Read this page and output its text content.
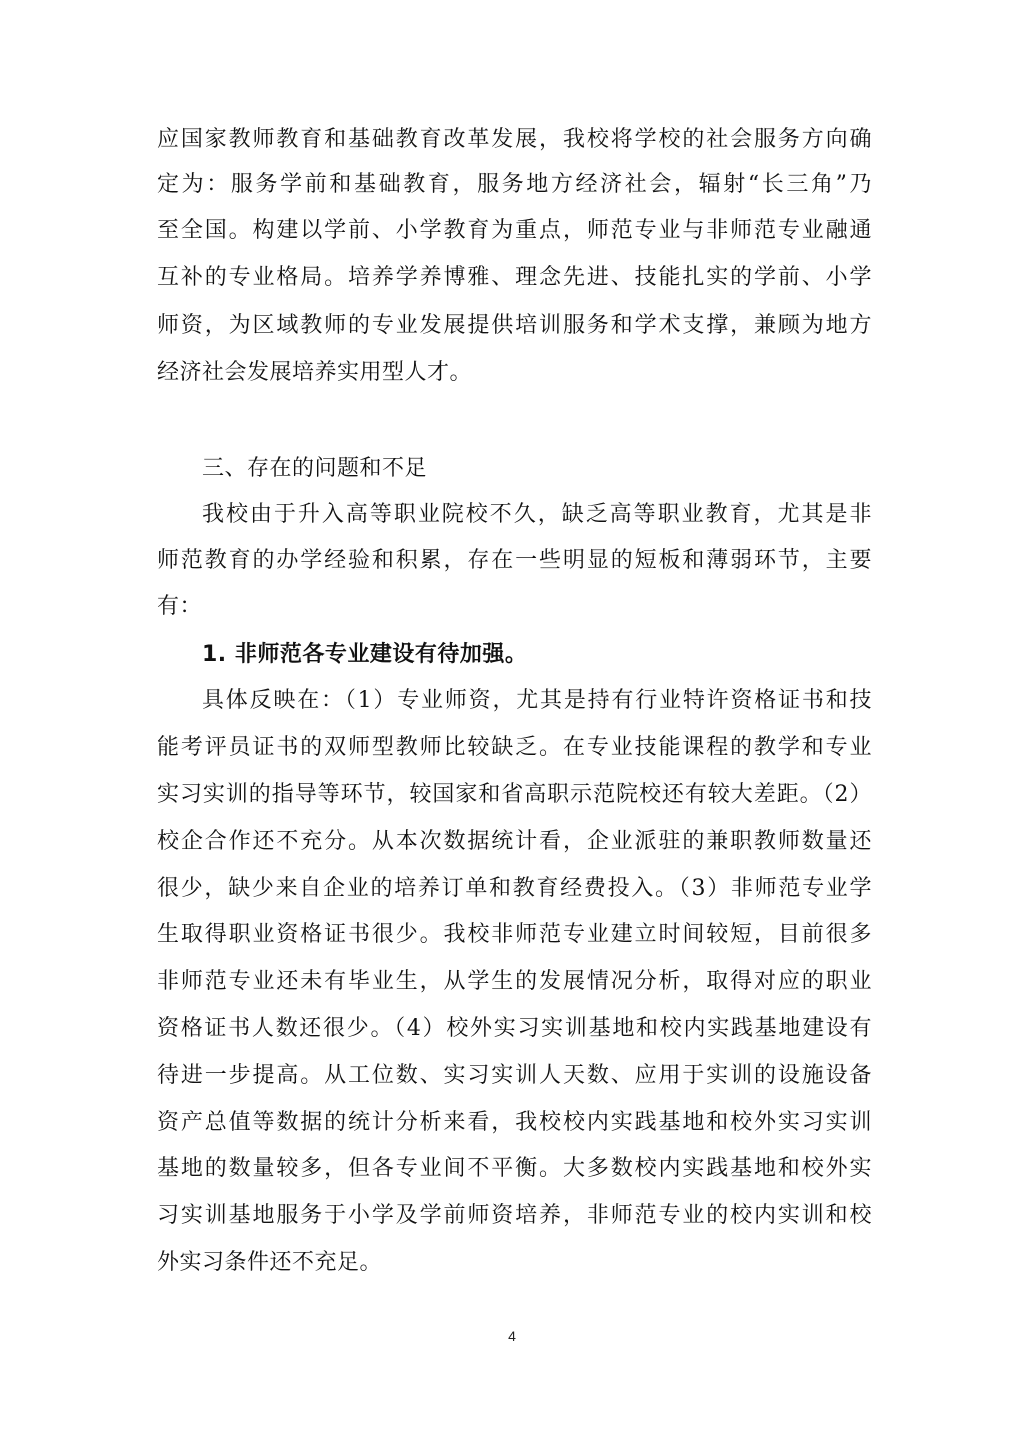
应国家教师教育和基础教育改革发展，我校将学校的社会服务方向确
定为：服务学前和基础教育，服务地方经济社会，辐射“长三角”乃
至全国。构建以学前、小学教育为重点，师范专业与非师范专业融通
互补的专业格局。培养学养博雅、理念先进、技能扎实的学前、小学
师资，为区域教师的专业发展提供培训服务和学术支撑，兼顾为地方
经济社会发展培养实用型人才。
三、存在的问题和不足
我校由于升入高等职业院校不久，缺乏高等职业教育，尤其是非
师范教育的办学经验和积累，存在一些明显的短板和薄弱环节，主要
有：
1. 非师范各专业建设有待加强。
具体反映在：（1）专业师资，尤其是持有行业特许资格证书和技
能考评员证书的双师型教师比较缺乏。在专业技能课程的教学和专业
实习实训的指导等环节，较国家和省高职示范院校还有较大差距。（2）
校企合作还不充分。从本次数据统计看，企业派驻的兼职教师数量还
很少，缺少来自企业的培养订单和教育经费投入。（3）非师范专业学
生取得职业资格证书很少。我校非师范专业建立时间较短，目前很多
非师范专业还未有毕业生，从学生的发展情况分析，取得对应的职业
资格证书人数还很少。（4）校外实习实训基地和校内实践基地建设有
待进一步提高。从工位数、实习实训人天数、应用于实训的设施设备
资产总值等数据的统计分析来看，我校校内实践基地和校外实习实训
基地的数量较多，但各专业间不平衡。大多数校内实践基地和校外实
习实训基地服务于小学及学前师资培养，非师范专业的校内实训和校
外实习条件还不充足。
4
